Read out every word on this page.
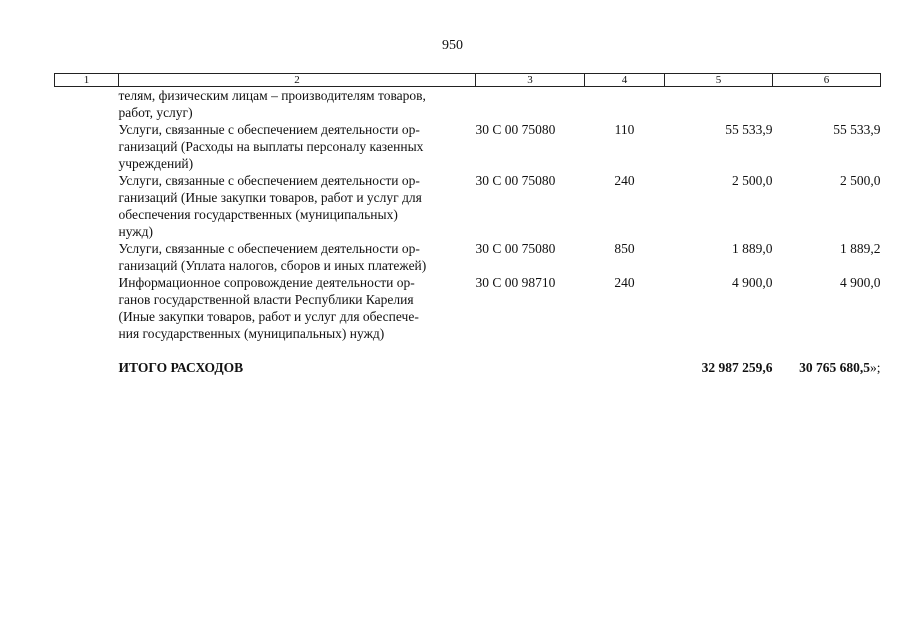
950
1	2	3	4	5	6

	телям, физическим лицам – производителям товаров,
работ, услуг)				

	Услуги, связанные с обеспечением деятельности ор-
ганизаций (Расходы на выплаты персоналу казенных
учреждений)	30 С 00 75080	110	55 533,9	55 533,9

	Услуги, связанные с обеспечением деятельности ор-
ганизаций (Иные закупки товаров, работ и услуг для
обеспечения государственных (муниципальных)
нужд)	30 С 00 75080	240	2 500,0	2 500,0

	Услуги, связанные с обеспечением деятельности ор-
ганизаций (Уплата налогов, сборов и иных платежей)	30 С 00 75080	850	1 889,0	1 889,2

	Информационное сопровождение деятельности ор-
ганов государственной власти Республики Карелия
(Иные закупки товаров, работ и услуг для обеспече-
ния государственных (муниципальных) нужд)	30 С 00 98710	240	4 900,0	4 900,0

	ИТОГО РАСХОДОВ			32 987 259,6	30 765 680,5»;
